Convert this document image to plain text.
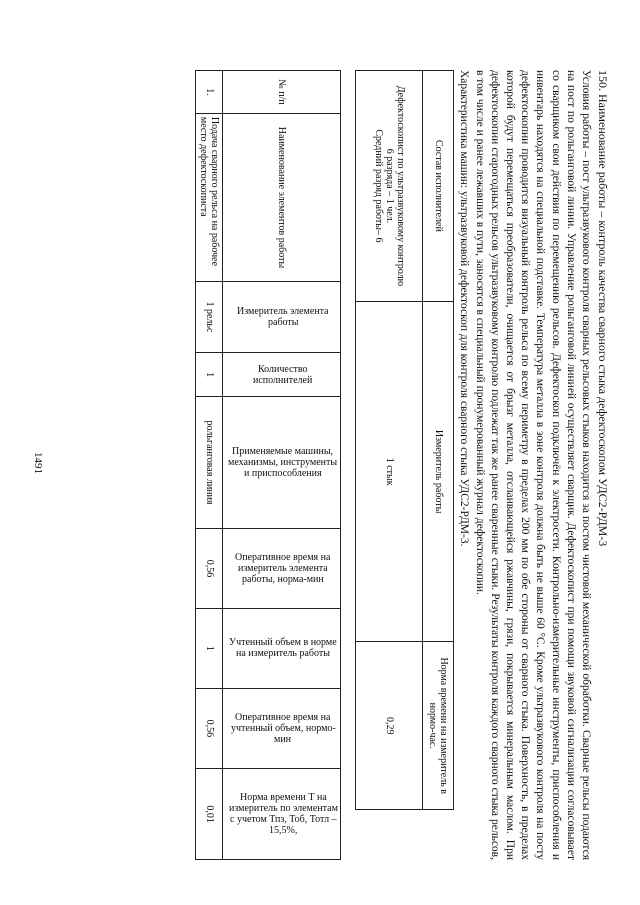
1491	150. Наименование работы – контроль качества сварного стыка дефектоскопом УДС2-РДМ-3

Условия работы – пост ультразвукового контроля сварных рельсовых стыков находится за постом чистовой механической обработки. Сварные рельсы подаются на пост по рольганговой линии. Управление рольганговой линией осуществляет сварщик. Дефектоскопист при помощи звуковой сигнализации согласовывает со сварщиком свои действия по перемещению рельсов. Дефектоскоп подключён к электросети. Контрольно-измерительные инструменты, приспособления и инвентарь находятся на специальной подставке. Температура металла в зоне контроля должна быть не выше 60 °С. Кроме ультразвукового контроля на посту дефектоскопии проводится визуальный контроль рельса по всему периметру в пределах 200 мм по обе стороны от сварного стыка. Поверхность, в пределах которой будут перемещаться преобразователи, очищается от брызг металла, отслаивающейся ржавчины, грязи, покрывается минеральным маслом. При дефектоскопии старогодных рельсов ультразвуковому контролю подлежат так же ранее сваренные стыки. Результаты контроля каждого сварного стыка рельсов, в том числе и ранее лежавших в пути, заносятся в специальный пронумерованный журнал дефектоскопии.

Характеристика машин: ультразвуковой дефектоскоп для контроля сварного стыка УДС2-РДМ-3.

Состав исполнителей	Измеритель работы	Норма времени на измеритель в нормо-час.

Дефектоскопист по ультразвуковому контролю
6 разряда – 1 чел.
Средний разряд работы– 6	1 стык	0,29
№ п/п	Наименование элементов работы	Измеритель элемента работы	Количество исполнителей	Применяемые машины, механизмы, инструменты и приспособления	Оперативное время на измеритель элемента работы, норма-мин	Учтенный объем в норме на измеритель работы	Оперативное время на учтенный объем, нормо-мин	Норма времени Т на измеритель по элементам с учетом Тпз, Тоб, Тотл – 15,5%,
1.	Подача сварного рельса на рабочее место дефектоскописта	1 рельс	1	рольганговая линия	0,56	1	0,56	0,01
